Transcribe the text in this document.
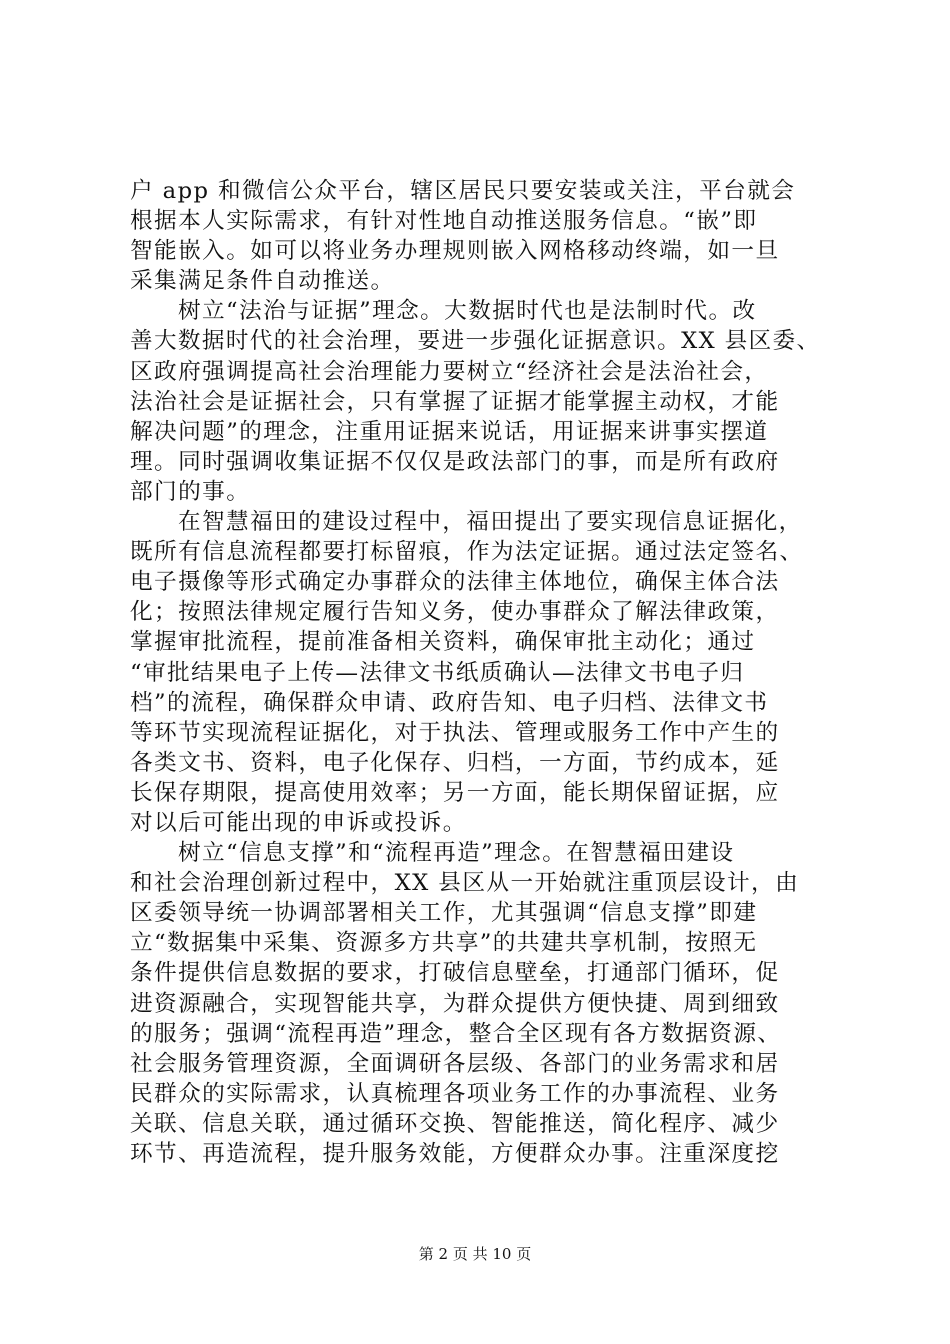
户 app 和微信公众平台，辖区居民只要安装或关注，平台就会
根据本人实际需求，有针对性地自动推送服务信息。“嵌”即
智能嵌入。如可以将业务办理规则嵌入网格移动终端，如一旦
采集满足条件自动推送。
树立“法治与证据”理念。大数据时代也是法制时代。改
善大数据时代的社会治理，要进一步强化证据意识。XX 县区委、
区政府强调提高社会治理能力要树立“经济社会是法治社会，
法治社会是证据社会，只有掌握了证据才能掌握主动权，才能
解决问题”的理念，注重用证据来说话，用证据来讲事实摆道
理。同时强调收集证据不仅仅是政法部门的事，而是所有政府
部门的事。
在智慧福田的建设过程中，福田提出了要实现信息证据化，
既所有信息流程都要打标留痕，作为法定证据。通过法定签名、
电子摄像等形式确定办事群众的法律主体地位，确保主体合法
化；按照法律规定履行告知义务，使办事群众了解法律政策，
掌握审批流程，提前准备相关资料，确保审批主动化；通过
“审批结果电子上传—法律文书纸质确认—法律文书电子归
档”的流程，确保群众申请、政府告知、电子归档、法律文书
等环节实现流程证据化，对于执法、管理或服务工作中产生的
各类文书、资料，电子化保存、归档，一方面，节约成本，延
长保存期限，提高使用效率；另一方面，能长期保留证据，应
对以后可能出现的申诉或投诉。
树立“信息支撑”和“流程再造”理念。在智慧福田建设
和社会治理创新过程中，XX 县区从一开始就注重顶层设计，由
区委领导统一协调部署相关工作，尤其强调“信息支撑”即建
立“数据集中采集、资源多方共享”的共建共享机制，按照无
条件提供信息数据的要求，打破信息壁垒，打通部门循环，促
进资源融合，实现智能共享，为群众提供方便快捷、周到细致
的服务；强调“流程再造”理念，整合全区现有各方数据资源、
社会服务管理资源，全面调研各层级、各部门的业务需求和居
民群众的实际需求，认真梳理各项业务工作的办事流程、业务
关联、信息关联，通过循环交换、智能推送，简化程序、减少
环节、再造流程，提升服务效能，方便群众办事。注重深度挖
第 2 页 共 10 页
